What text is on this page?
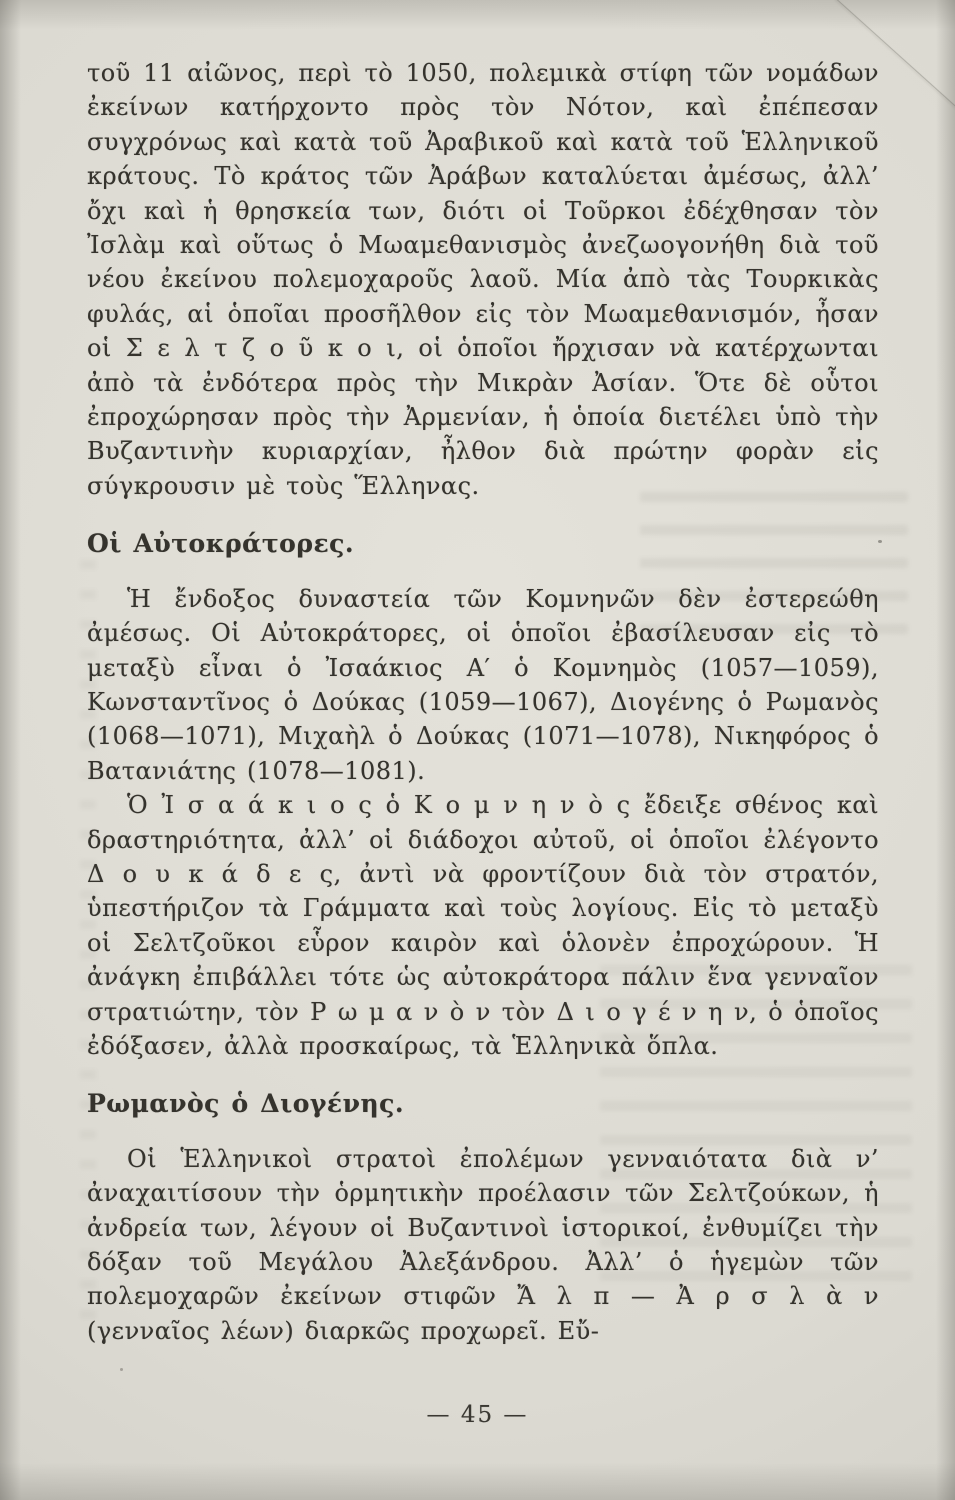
τοῦ 11 αἰῶνος, περὶ τὸ 1050, πολεμικὰ στίφη τῶν νομάδων ἐκείνων κατήρχοντο πρὸς τὸν Νότον, καὶ ἐπέπεσαν συγχρόνως καὶ κατὰ τοῦ Ἀραβικοῦ καὶ κατὰ τοῦ Ἑλληνικοῦ κράτους. Τὸ κράτος τῶν Ἀράβων καταλύεται ἀμέσως, ἀλλ’ ὄχι καὶ ἡ θρησκεία των, διότι οἱ Τοῦρκοι ἐδέχθησαν τὸν Ἰσλὰμ καὶ οὕτως ὁ Μωαμεθανισμὸς ἀνεζωογονήθη διὰ τοῦ νέου ἐκείνου πολεμοχαροῦς λαοῦ. Μία ἀπὸ τὰς Τουρκικὰς φυλάς, αἱ ὁποῖαι προσῆλθον εἰς τὸν Μωαμεθανισμόν, ἦσαν οἱ Σ ε λ τ ζ ο ῦ κ ο ι, οἱ ὁποῖοι ἤρχισαν νὰ κατέρχωνται ἀπὸ τὰ ἐνδότερα πρὸς τὴν Μικρὰν Ἀσίαν. Ὅτε δὲ οὗτοι ἐπροχώρησαν πρὸς τὴν Ἀρμενίαν, ἡ ὁποία διετέλει ὑπὸ τὴν Βυζαντινὴν κυριαρχίαν, ἦλθον διὰ πρώτην φορὰν εἰς σύγκρουσιν μὲ τοὺς Ἕλληνας.

Οἱ Αὐτοκράτορες.

Ἡ ἔνδοξος δυναστεία τῶν Κομνηνῶν δὲν ἐστερεώθη ἀμέσως. Οἱ Αὐτοκράτορες, οἱ ὁποῖοι ἐβασίλευσαν εἰς τὸ μεταξὺ εἶναι ὁ Ἰσαάκιος Α′ ὁ Κομνημὸς (1057—1059), Κωνσταντῖνος ὁ Δούκας (1059—1067), Διογένης ὁ Ρωμανὸς (1068—1071), Μιχαὴλ ὁ Δούκας (1071—1078), Νικηφόρος ὁ Βατανιάτης (1078—1081).

Ὁ Ἰ σ α ά κ ι ο ς ὁ Κ ο μ ν η ν ὸ ς ἔδειξε σθένος καὶ δραστηριότητα, ἀλλ’ οἱ διάδοχοι αὐτοῦ, οἱ ὁποῖοι ἐλέγοντο Δ ο υ κ ά δ ε ς, ἀντὶ νὰ φροντίζουν διὰ τὸν στρατόν, ὑπεστήριζον τὰ Γράμματα καὶ τοὺς λογίους. Εἰς τὸ μεταξὺ οἱ Σελτζοῦκοι εὗρον καιρὸν καὶ ὁλονὲν ἐπροχώρουν. Ἡ ἀνάγκη ἐπιβάλλει τότε ὡς αὐτοκράτορα πάλιν ἕνα γενναῖον στρατιώτην, τὸν Ρ ω μ α ν ὸ ν τὸν Δ ι ο γ έ ν η ν, ὁ ὁποῖος ἐδόξασεν, ἀλλὰ προσκαίρως, τὰ Ἑλληνικὰ ὅπλα.

Ρωμανὸς ὁ Διογένης.

Οἱ Ἑλληνικοὶ στρατοὶ ἐπολέμων γενναιότατα διὰ ν’ ἀναχαιτίσουν τὴν ὁρμητικὴν προέλασιν τῶν Σελτζούκων, ἡ ἀνδρεία των, λέγουν οἱ Βυζαντινοὶ ἱστορικοί, ἐνθυμίζει τὴν δόξαν τοῦ Μεγάλου Ἀλεξάνδρου. Ἀλλ’ ὁ ἡγεμὼν τῶν πολεμοχαρῶν ἐκείνων στιφῶν Ἄ λ π — Ἀ ρ σ λ ὰ ν (γενναῖος λέων) διαρκῶς προχωρεῖ. Εὔ-

— 45 —
